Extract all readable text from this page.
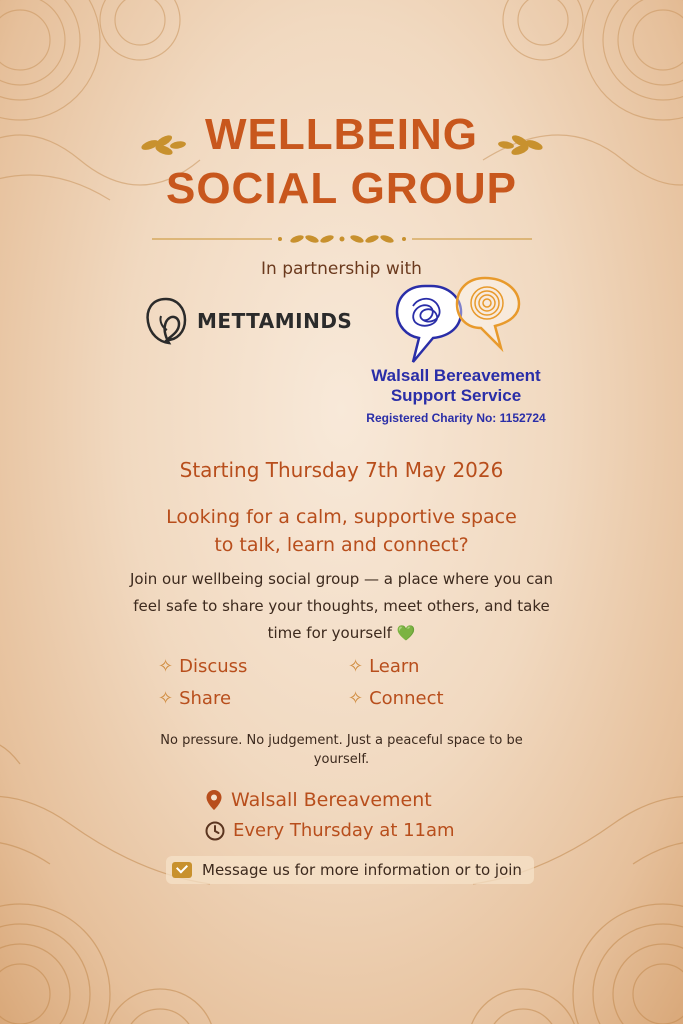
WELLBEING
SOCIAL GROUP
In partnership with
METTAMINDS
Walsall Bereavement
Support Service
Registered Charity No: 1152724
Starting Thursday 7th May 2026
Looking for a calm, supportive space
to talk, learn and connect?
Join our wellbeing social group — a place where you can feel safe to share your thoughts, meet others, and take time for yourself 💚
✧ Discuss	✧ Learn
✧ Share	✧ Connect
No pressure. No judgement. Just a peaceful space to be yourself.
Walsall Bereavement
Every Thursday at 11am
Message us for more information or to join
